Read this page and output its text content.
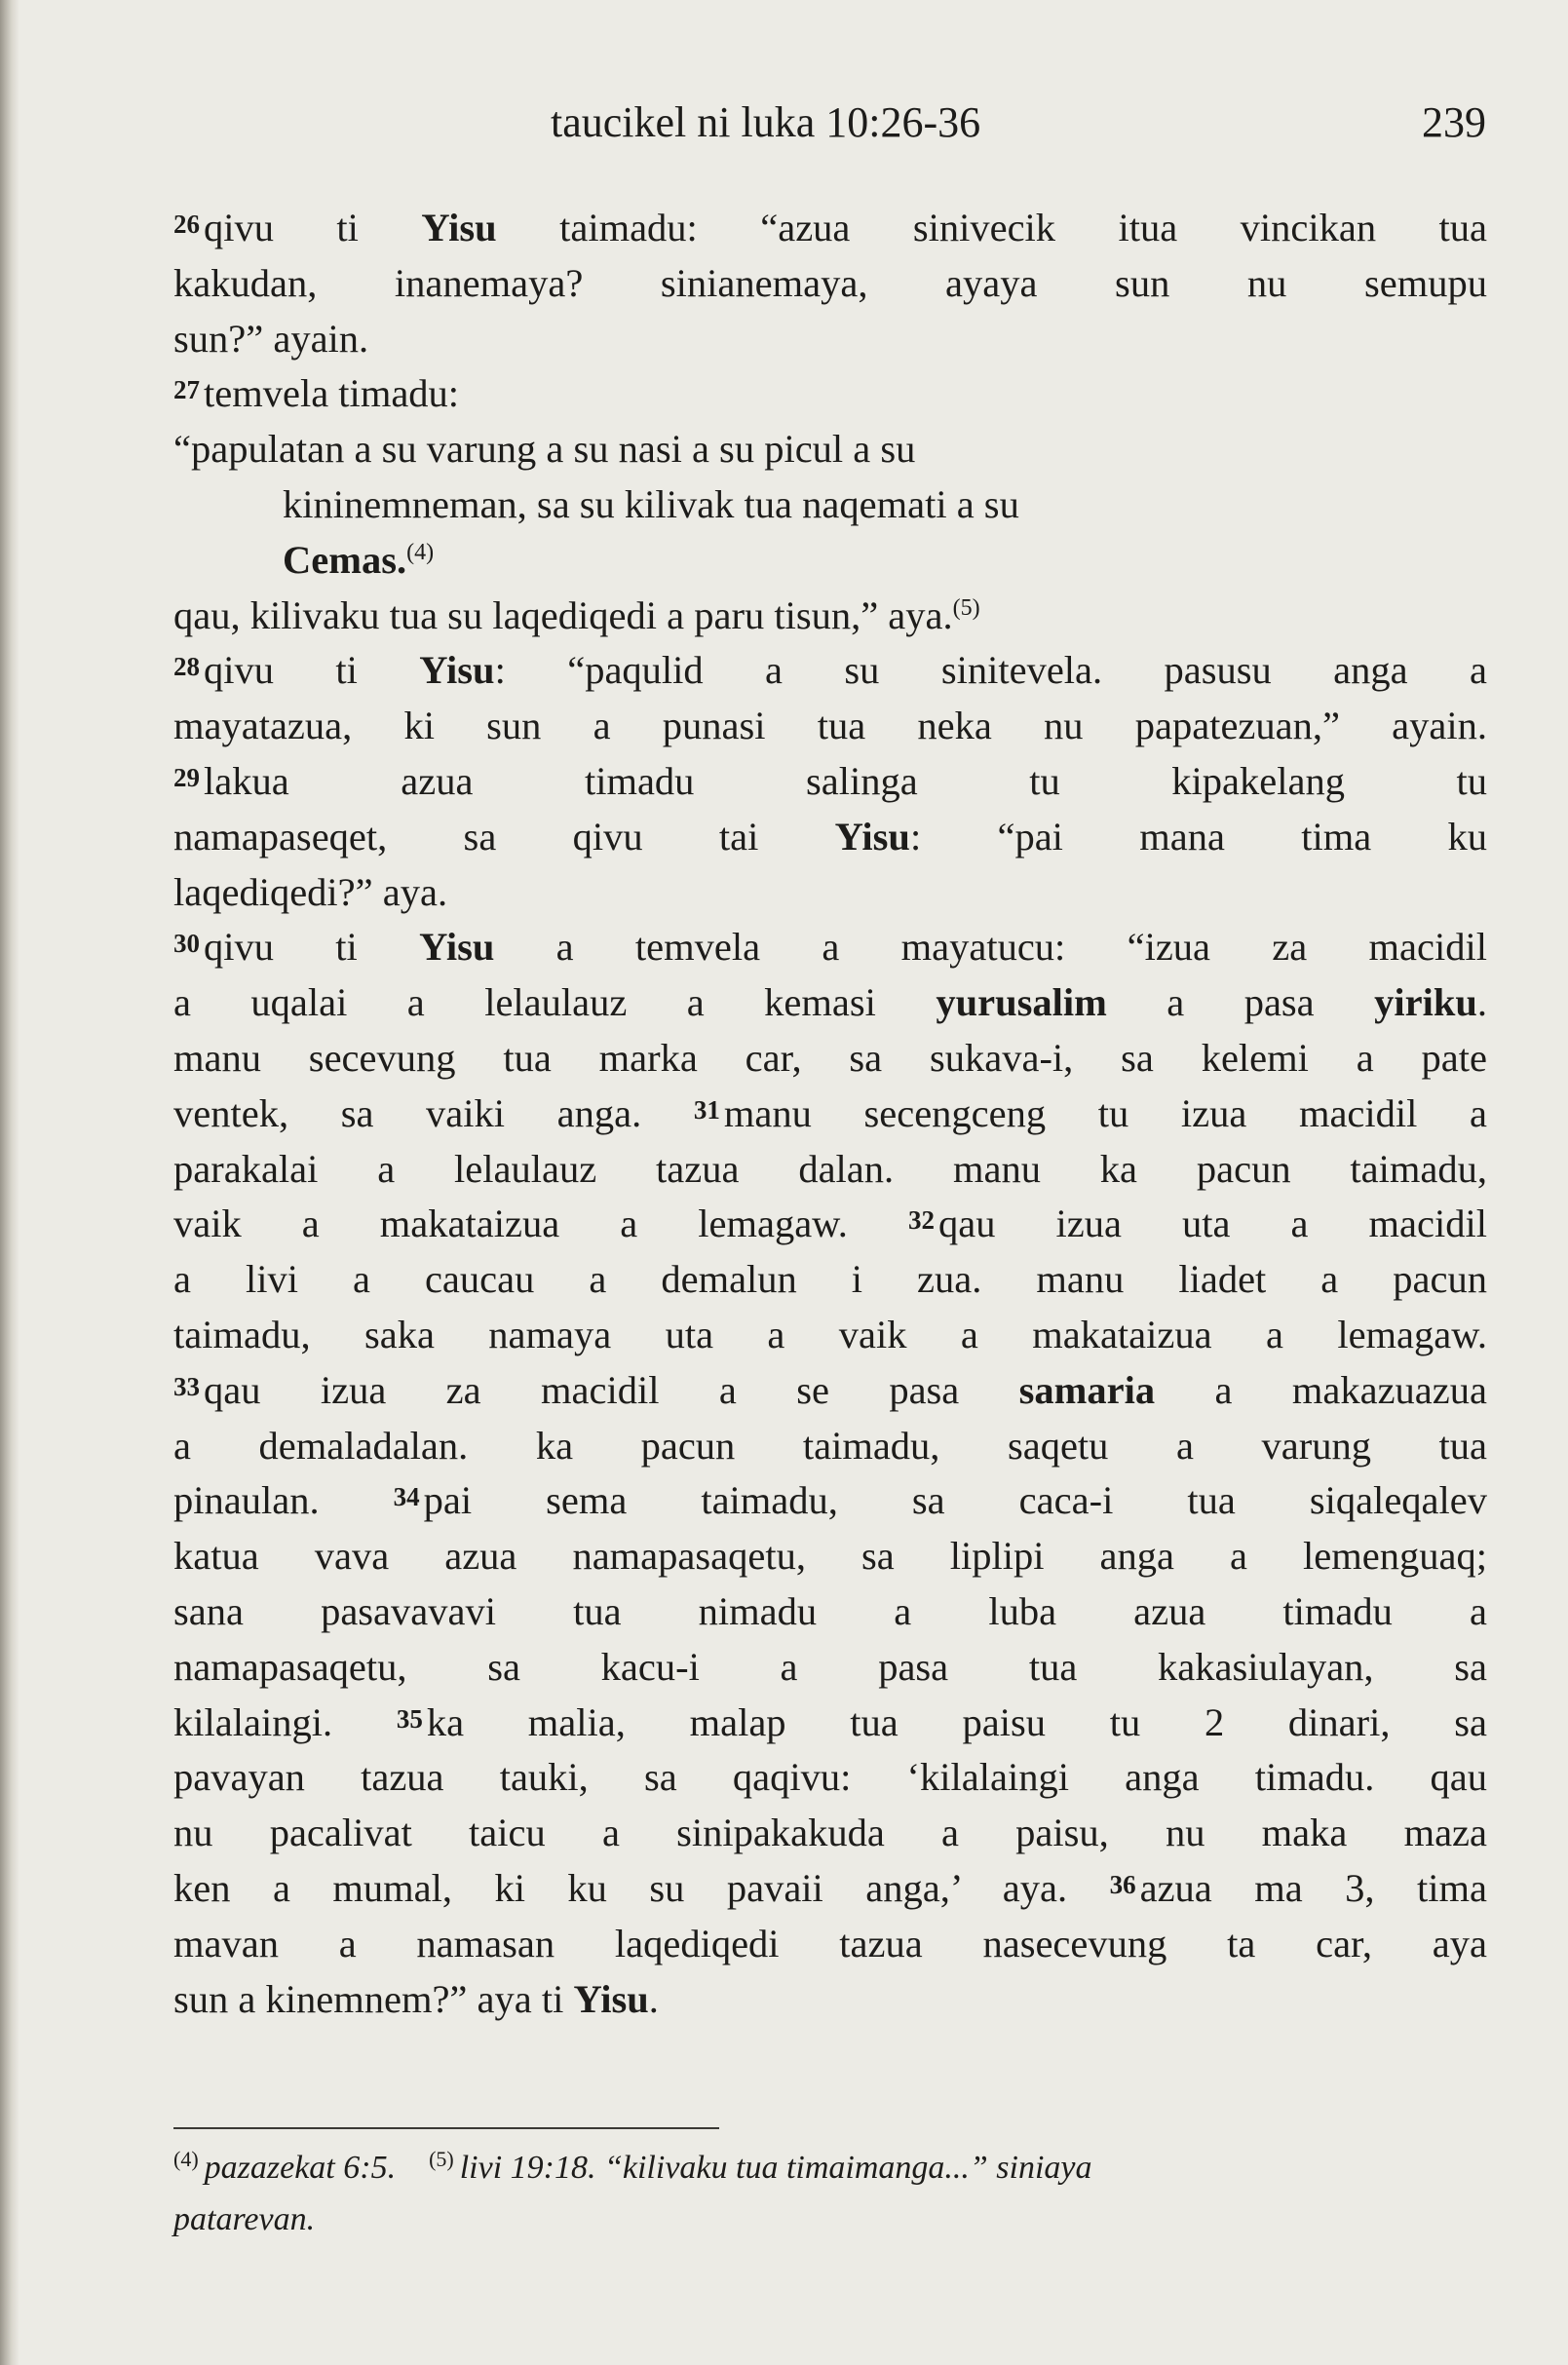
taucikel ni luka 10:26-36	239
26qivu ti Yisu taimadu: “azua sinivecik itua vincikan tua
kakudan, inanemaya? sinianemaya, ayaya sun nu semupu
sun?” ayain.
27temvela timadu:
“papulatan a su varung a su nasi a su picul a su
kininemneman, sa su kilivak tua naqemati a su
Cemas.$^{(4)}$
qau, kilivaku tua su laqediqedi a paru tisun,” aya.$^{(5)}$
28qivu ti Yisu: “paqulid a su sinitevela. pasusu anga a
mayatazua, ki sun a punasi tua neka nu papatezuan,” ayain.
29lakua azua timadu salinga tu kipakelang tu
namapaseqet, sa qivu tai Yisu: “pai mana tima ku
laqediqedi?” aya.
30qivu ti Yisu a temvela a mayatucu: “izua za macidil
a uqalai a lelaulauz a kemasi yurusalim a pasa yiriku.
manu secevung tua marka car, sa sukava-i, sa kelemi a pate
ventek, sa vaiki anga. 31manu secengceng tu izua macidil a
parakalai a lelaulauz tazua dalan. manu ka pacun taimadu,
vaik a makataizua a lemagaw. 32qau izua uta a macidil
a livi a caucau a demalun i zua. manu liadet a pacun
taimadu, saka namaya uta a vaik a makataizua a lemagaw.
33qau izua za macidil a se pasa samaria a makazuazua
a demaladalan. ka pacun taimadu, saqetu a varung tua
pinaulan. 34pai sema taimadu, sa caca-i tua siqaleqalev
katua vava azua namapasaqetu, sa liplipi anga a lemenguaq;
sana pasavavavi tua nimadu a luba azua timadu a
namapasaqetu, sa kacu-i a pasa tua kakasiulayan, sa
kilalaingi. 35ka malia, malap tua paisu tu 2 dinari, sa
pavayan tazua tauki, sa qaqivu: ‘kilalaingi anga timadu. qau
nu pacalivat taicu a sinipakakuda a paisu, nu maka maza
ken a mumal, ki ku su pavaii anga,’ aya. 36azua ma 3, tima
mavan a namasan laqediqedi tazua nasecevung ta car, aya
sun a kinemnem?” aya ti Yisu.
$^{(4)}$ pazazekat 6:5. $^{(5)}$ livi 19:18. “kilivaku tua timaimanga...” siniaya
patarevan.
